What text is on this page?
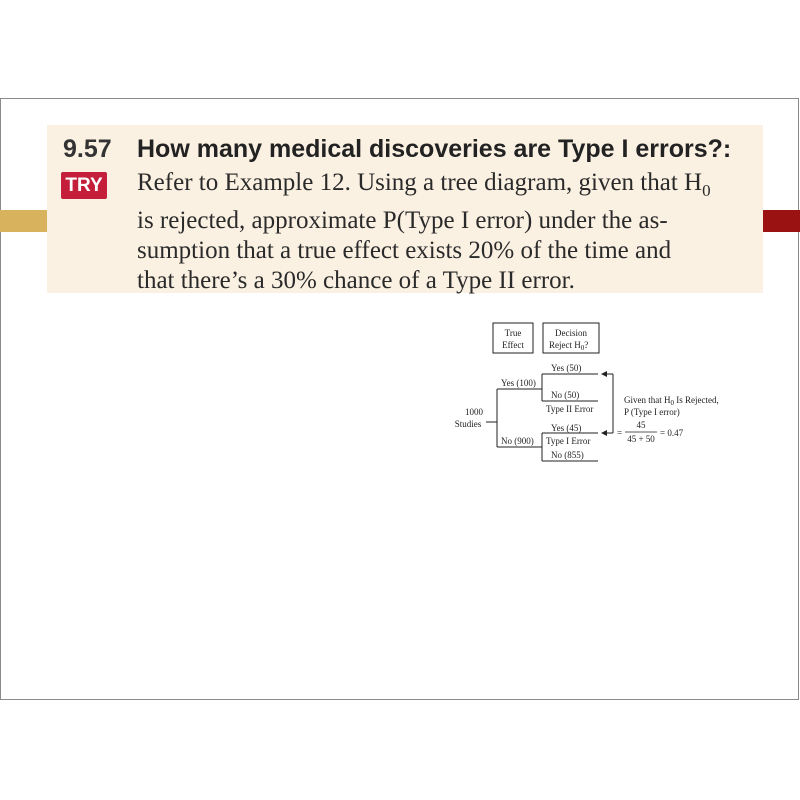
9.57
TRY
How many medical discoveries are Type I errors?:
Refer to Example 12. Using a tree diagram, given that $H_0$
is rejected, approximate P(Type I error) under the as-
sumption that a true effect exists 20% of the time and
that there’s a 30% chance of a Type II error.
True
Effect
Decision
Reject $H_0$?
1000
Studies
Yes (100)
No (900)
Yes (50)
No (50)
Type II Error
Yes (45)
Type I Error
No (855)
Given that $H_0$ Is Rejected,
P (Type I error)
=
45
45 + 50
= 0.47
